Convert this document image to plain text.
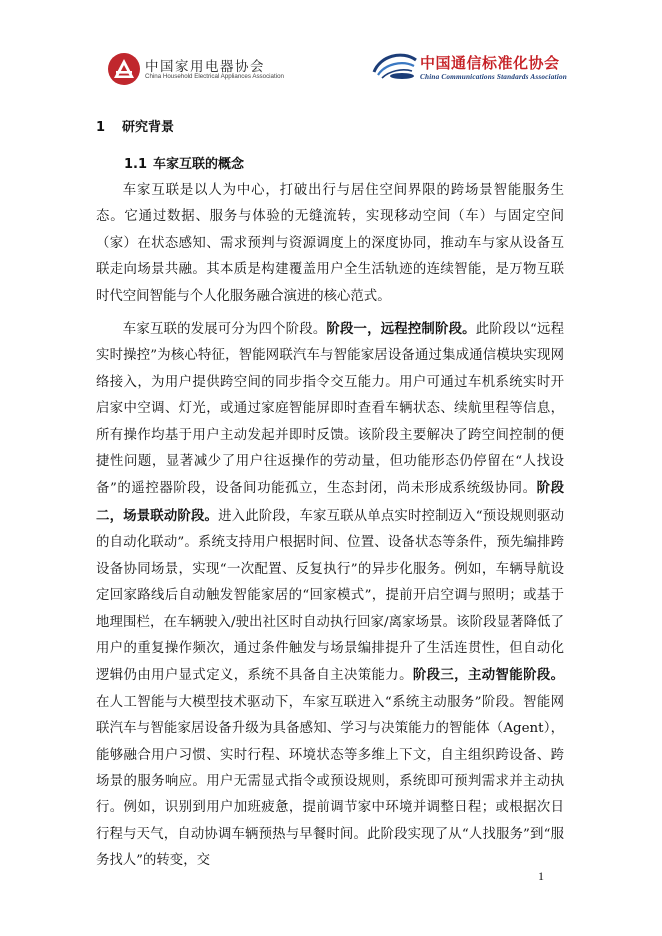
中国家用电器协会
China Household Electrical Appliances Association
中国通信标准化协会
China Communications Standards Association
1 研究背景
1.1 车家互联的概念

车家互联是以人为中心，打破出行与居住空间界限的跨场景智能服务生态。它通过数据、服务与体验的无缝流转，实现移动空间（车）与固定空间（家）在状态感知、需求预判与资源调度上的深度协同，推动车与家从设备互联走向场景共融。其本质是构建覆盖用户全生活轨迹的连续智能，是万物互联时代空间智能与个人化服务融合演进的核心范式。

车家互联的发展可分为四个阶段。阶段一，远程控制阶段。此阶段以“远程实时操控”为核心特征，智能网联汽车与智能家居设备通过集成通信模块实现网络接入，为用户提供跨空间的同步指令交互能力。用户可通过车机系统实时开启家中空调、灯光，或通过家庭智能屏即时查看车辆状态、续航里程等信息，所有操作均基于用户主动发起并即时反馈。该阶段主要解决了跨空间控制的便捷性问题，显著减少了用户往返操作的劳动量，但功能形态仍停留在“人找设备”的遥控器阶段，设备间功能孤立，生态封闭，尚未形成系统级协同。阶段二，场景联动阶段。进入此阶段，车家互联从单点实时控制迈入“预设规则驱动的自动化联动”。系统支持用户根据时间、位置、设备状态等条件，预先编排跨设备协同场景，实现“一次配置、反复执行”的异步化服务。例如，车辆导航设定回家路线后自动触发智能家居的“回家模式”，提前开启空调与照明；或基于地理围栏，在车辆驶入/驶出社区时自动执行回家/离家场景。该阶段显著降低了用户的重复操作频次，通过条件触发与场景编排提升了生活连贯性，但自动化逻辑仍由用户显式定义，系统不具备自主决策能力。阶段三，主动智能阶段。在人工智能与大模型技术驱动下，车家互联进入“系统主动服务”阶段。智能网联汽车与智能家居设备升级为具备感知、学习与决策能力的智能体（Agent），能够融合用户习惯、实时行程、环境状态等多维上下文，自主组织跨设备、跨场景的服务响应。用户无需显式指令或预设规则，系统即可预判需求并主动执行。例如，识别到用户加班疲惫，提前调节家中环境并调整日程；或根据次日行程与天气，自动协调车辆预热与早餐时间。此阶段实现了从“人找服务”到“服务找人”的转变，交

1
